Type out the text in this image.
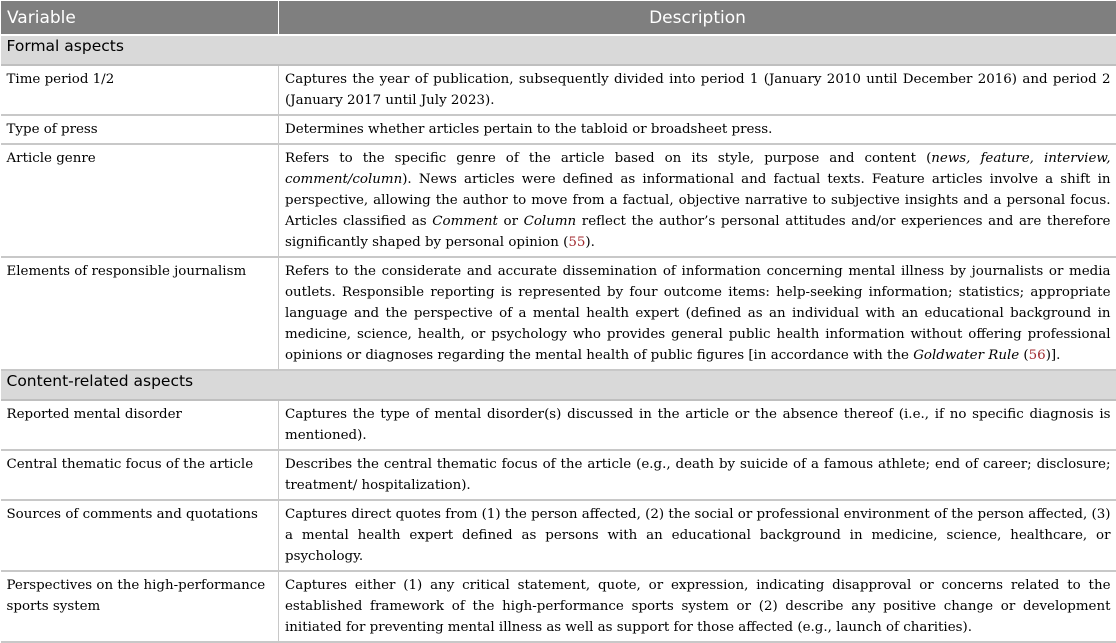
Variable	Description
Formal aspects	
Time period 1/2	Captures the year of publication, subsequently divided into period 1 (January 2010 until December 2016) and period 2 (January 2017 until July 2023).
Type of press	Determines whether articles pertain to the tabloid or broadsheet press.
Article genre	Refers to the specific genre of the article based on its style, purpose and content (news, feature, interview, comment/column). News articles were defined as informational and factual texts. Feature articles involve a shift in perspective, allowing the author to move from a factual, objective narrative to subjective insights and a personal focus. Articles classified as Comment or Column reflect the author’s personal attitudes and/or experiences and are therefore significantly shaped by personal opinion (55).
Elements of responsible journalism	Refers to the considerate and accurate dissemination of information concerning mental illness by journalists or media outlets. Responsible reporting is represented by four outcome items: help-seeking information; statistics; appropriate language and the perspective of a mental health expert (defined as an individual with an educational background in medicine, science, health, or psychology who provides general public health information without offering professional opinions or diagnoses regarding the mental health of public figures [in accordance with the Goldwater Rule (56)].
Content-related aspects	
Reported mental disorder	Captures the type of mental disorder(s) discussed in the article or the absence thereof (i.e., if no specific diagnosis is mentioned).
Central thematic focus of the article	Describes the central thematic focus of the article (e.g., death by suicide of a famous athlete; end of career; disclosure; treatment/ hospitalization).
Sources of comments and quotations	Captures direct quotes from (1) the person affected, (2) the social or professional environment of the person affected, (3) a mental health expert defined as persons with an educational background in medicine, science, healthcare, or psychology.
Perspectives on the high-performance sports system	Captures either (1) any critical statement, quote, or expression, indicating disapproval or concerns related to the established framework of the high-performance sports system or (2) describe any positive change or development initiated for preventing mental illness as well as support for those affected (e.g., launch of charities).
